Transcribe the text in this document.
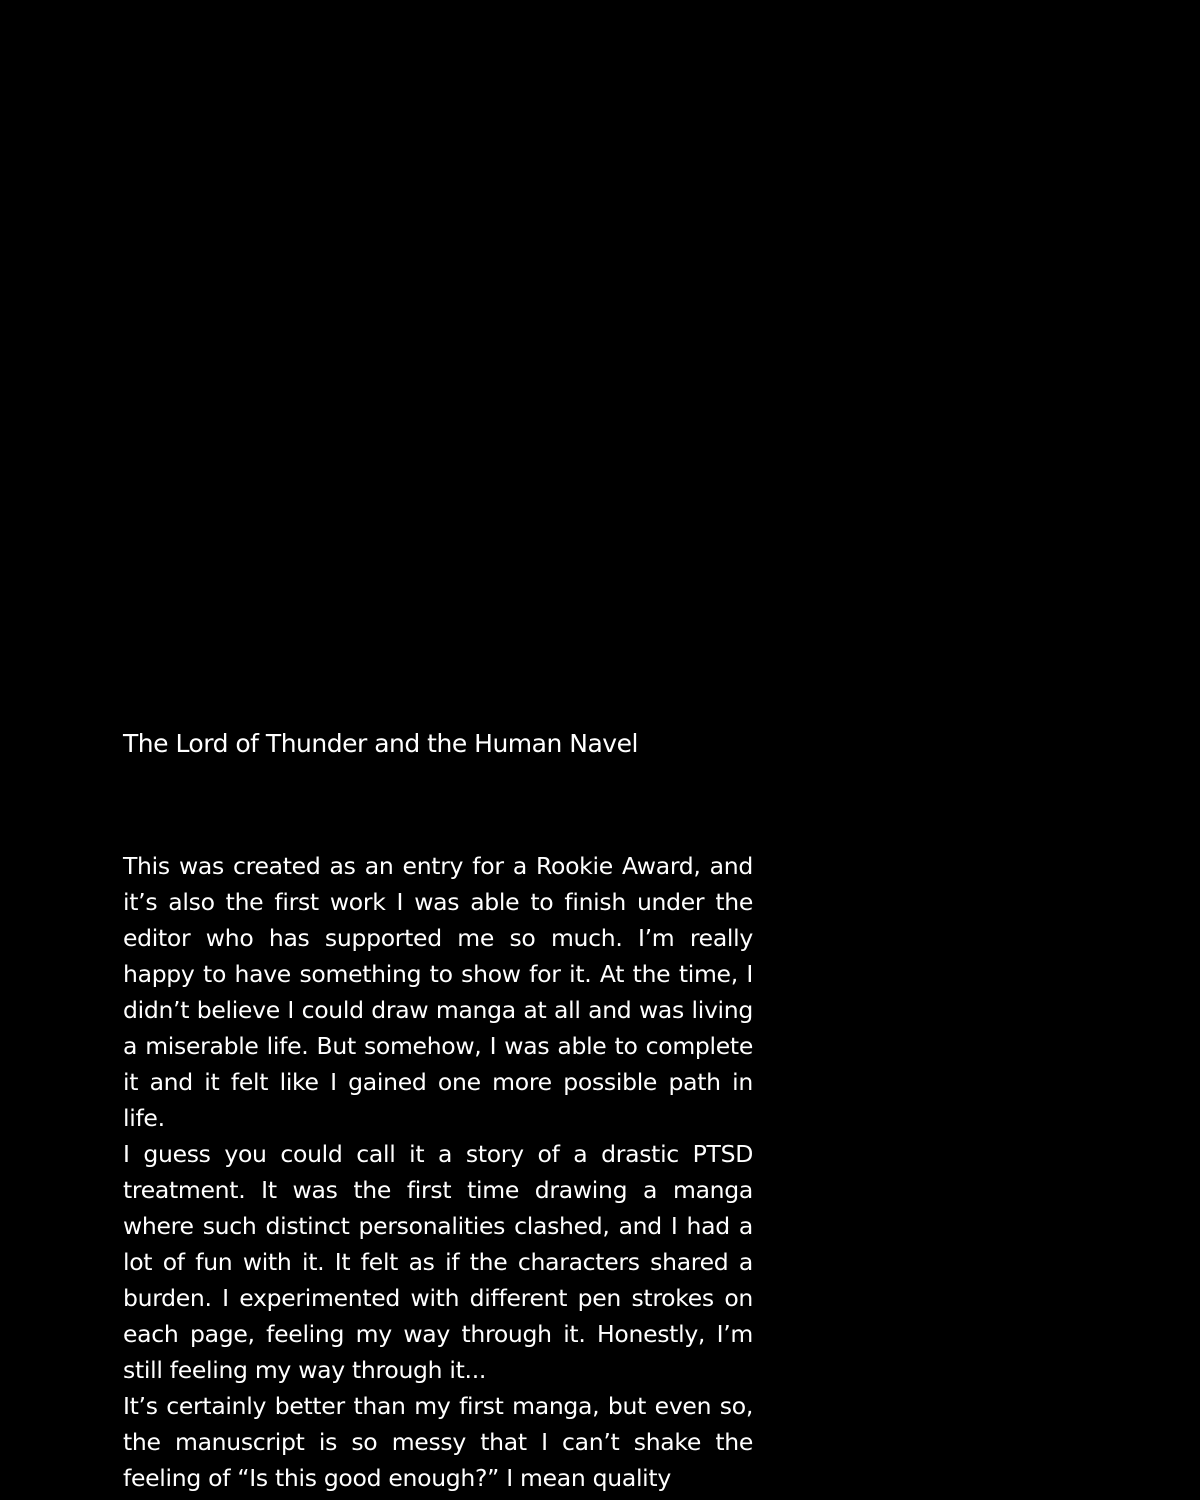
The Lord of Thunder and the Human Navel

This was created as an entry for a Rookie Award, and it’s also the first work I was able to finish under the editor who has supported me so much. I’m really happy to have something to show for it. At the time, I didn’t believe I could draw manga at all and was living a miserable life. But somehow, I was able to complete it and it felt like I gained one more possible path in life.

I guess you could call it a story of a drastic PTSD treatment. It was the first time drawing a manga where such distinct personalities clashed, and I had a lot of fun with it. It felt as if the characters shared a burden. I experimented with different pen strokes on each page, feeling my way through it. Honestly, I’m still feeling my way through it...

It’s certainly better than my first manga, but even so, the manuscript is so messy that I can’t shake the feeling of “Is this good enough?” I mean quality
